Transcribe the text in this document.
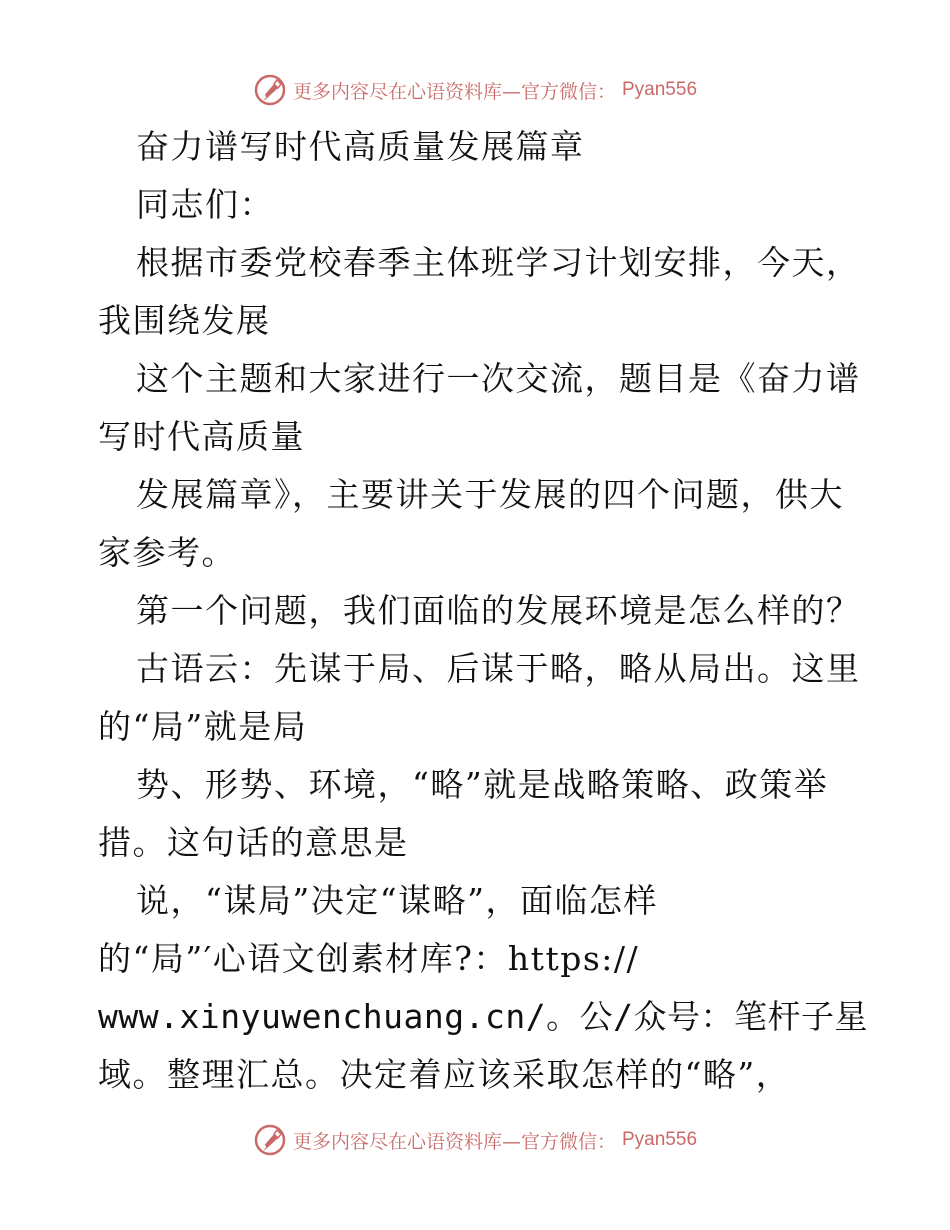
更多内容尽在心语资料库—官方微信： Pyan556
奋力谱写时代高质量发展篇章
同志们：
根据市委党校春季主体班学习计划安排，今天，
我围绕发展
这个主题和大家进行一次交流，题目是《奋力谱
写时代高质量
发展篇章》，主要讲关于发展的四个问题，供大
家参考。
第一个问题，我们面临的发展环境是怎么样的？
古语云：先谋于局、后谋于略，略从局出。这里
的“局”就是局
势、形势、环境，“略”就是战略策略、政策举
措。这句话的意思是
说，“谋局”决定“谋略”，面临怎样
的“局”′心语文创素材库?：https://
www.xinyuwenchuang.cn/。公/众号：笔杆子星
域。整理汇总。决定着应该采取怎样的“略”，
更多内容尽在心语资料库—官方微信： Pyan556
